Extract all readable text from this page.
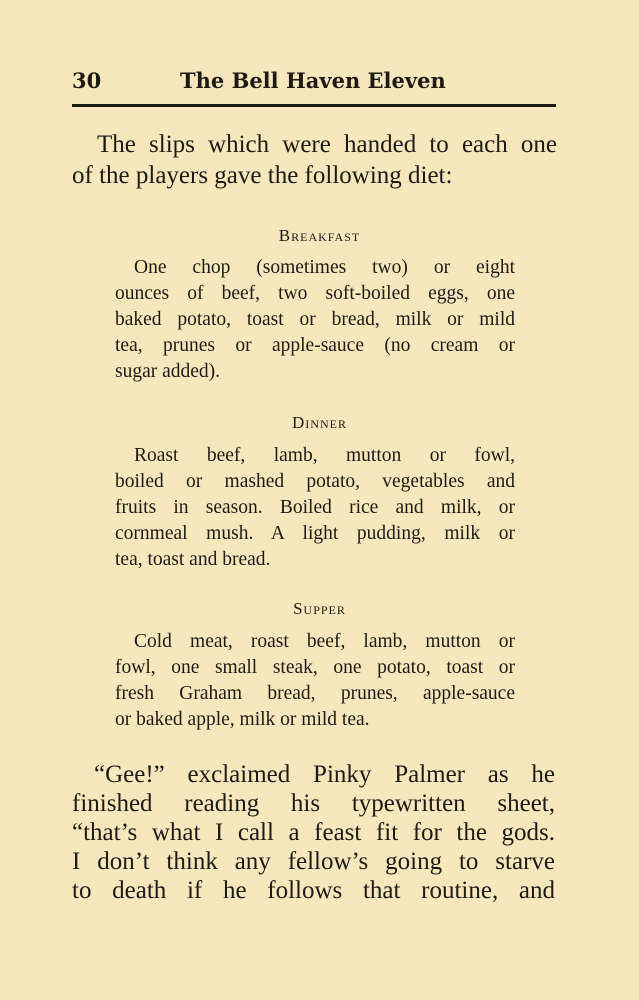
30	The Bell Haven Eleven
The slips which were handed to each one
of the players gave the following diet:
Breakfast
One chop (sometimes two) or eight
ounces of beef, two soft-boiled eggs, one
baked potato, toast or bread, milk or mild
tea, prunes or apple-sauce (no cream or
sugar added).
Dinner
Roast beef, lamb, mutton or fowl,
boiled or mashed potato, vegetables and
fruits in season. Boiled rice and milk, or
cornmeal mush. A light pudding, milk or
tea, toast and bread.
Supper
Cold meat, roast beef, lamb, mutton or
fowl, one small steak, one potato, toast or
fresh Graham bread, prunes, apple-sauce
or baked apple, milk or mild tea.
“Gee!” exclaimed Pinky Palmer as he
finished reading his typewritten sheet,
“that’s what I call a feast fit for the gods.
I don’t think any fellow’s going to starve
to death if he follows that routine, and
